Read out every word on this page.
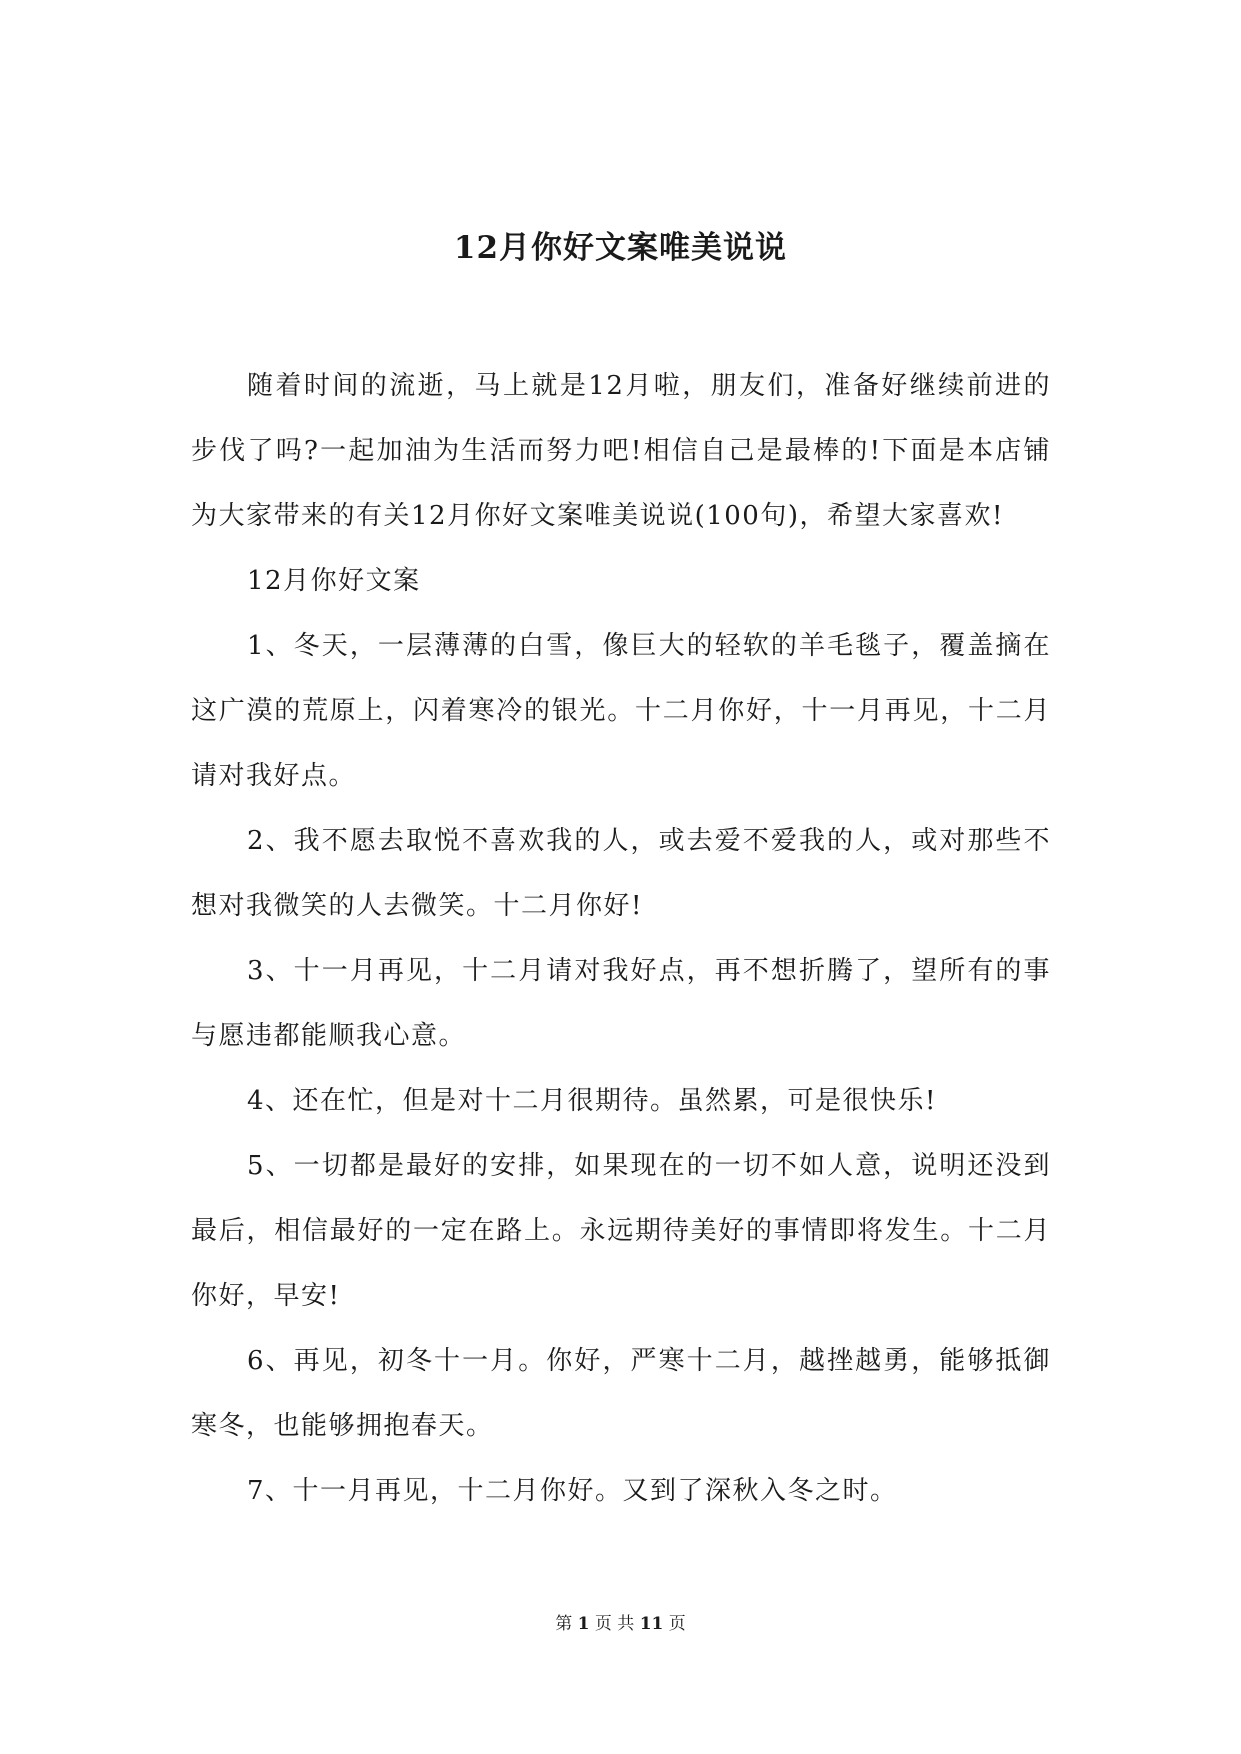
12月你好文案唯美说说

随着时间的流逝，马上就是12月啦，朋友们，准备好继续前进的步伐了吗?一起加油为生活而努力吧!相信自己是最棒的!下面是本店铺为大家带来的有关12月你好文案唯美说说(100句)，希望大家喜欢!

12月你好文案

1、冬天，一层薄薄的白雪，像巨大的轻软的羊毛毯子，覆盖摘在这广漠的荒原上，闪着寒冷的银光。十二月你好，十一月再见，十二月请对我好点。

2、我不愿去取悦不喜欢我的人，或去爱不爱我的人，或对那些不想对我微笑的人去微笑。十二月你好!

3、十一月再见，十二月请对我好点，再不想折腾了，望所有的事与愿违都能顺我心意。

4、还在忙，但是对十二月很期待。虽然累，可是很快乐!

5、一切都是最好的安排，如果现在的一切不如人意，说明还没到最后，相信最好的一定在路上。永远期待美好的事情即将发生。十二月你好，早安!

6、再见，初冬十一月。你好，严寒十二月，越挫越勇，能够抵御寒冬，也能够拥抱春天。

7、十一月再见，十二月你好。又到了深秋入冬之时。

第 1 页 共 11 页
